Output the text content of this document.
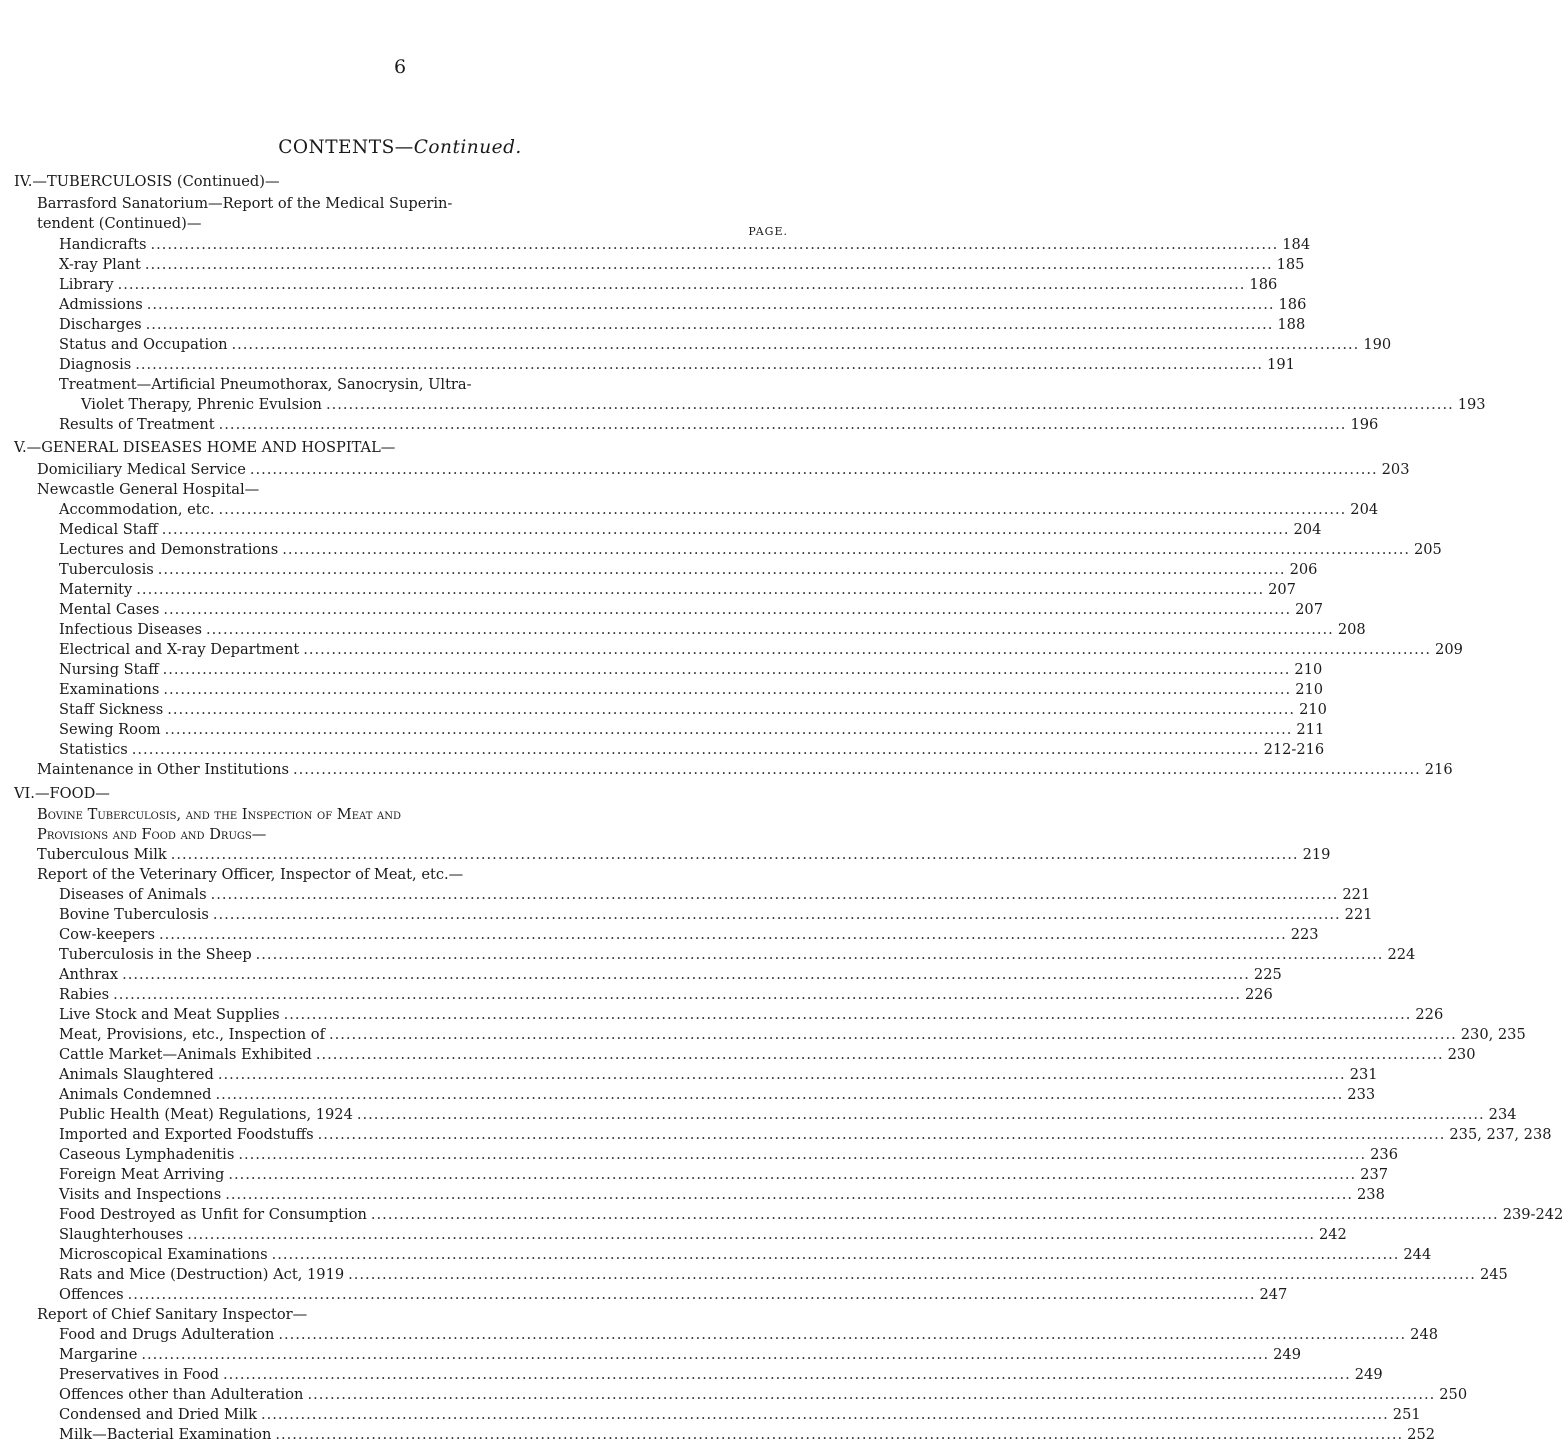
6
CONTENTS—Continued.
PAGE.
IV.—TUBERCULOSIS (Continued)—
Barrasford Sanatorium—Report of the Medical Superin-
tendent (Continued)—
Handicrafts ........................................................................................................................................................................................................ 184
X-ray Plant ........................................................................................................................................................................................................ 185
Library ........................................................................................................................................................................................................ 186
Admissions ........................................................................................................................................................................................................ 186
Discharges ........................................................................................................................................................................................................ 188
Status and Occupation ........................................................................................................................................................................................................ 190
Diagnosis ........................................................................................................................................................................................................ 191
Treatment—Artificial Pneumothorax, Sanocrysin, Ultra-
Violet Therapy, Phrenic Evulsion ........................................................................................................................................................................................................ 193
Results of Treatment ........................................................................................................................................................................................................ 196
V.—GENERAL DISEASES HOME AND HOSPITAL—
Domiciliary Medical Service ........................................................................................................................................................................................................ 203
Newcastle General Hospital—
Accommodation, etc. ........................................................................................................................................................................................................ 204
Medical Staff ........................................................................................................................................................................................................ 204
Lectures and Demonstrations ........................................................................................................................................................................................................ 205
Tuberculosis ........................................................................................................................................................................................................ 206
Maternity ........................................................................................................................................................................................................ 207
Mental Cases ........................................................................................................................................................................................................ 207
Infectious Diseases ........................................................................................................................................................................................................ 208
Electrical and X-ray Department ........................................................................................................................................................................................................ 209
Nursing Staff ........................................................................................................................................................................................................ 210
Examinations ........................................................................................................................................................................................................ 210
Staff Sickness ........................................................................................................................................................................................................ 210
Sewing Room ........................................................................................................................................................................................................ 211
Statistics ........................................................................................................................................................................................................ 212-216
Maintenance in Other Institutions ........................................................................................................................................................................................................ 216
VI.—FOOD—
Bovine Tuberculosis, and the Inspection of Meat and
Provisions and Food and Drugs—
Tuberculous Milk ........................................................................................................................................................................................................ 219
Report of the Veterinary Officer, Inspector of Meat, etc.—
Diseases of Animals ........................................................................................................................................................................................................ 221
Bovine Tuberculosis ........................................................................................................................................................................................................ 221
Cow-keepers ........................................................................................................................................................................................................ 223
Tuberculosis in the Sheep ........................................................................................................................................................................................................ 224
Anthrax ........................................................................................................................................................................................................ 225
Rabies ........................................................................................................................................................................................................ 226
Live Stock and Meat Supplies ........................................................................................................................................................................................................ 226
Meat, Provisions, etc., Inspection of ........................................................................................................................................................................................................ 230, 235
Cattle Market—Animals Exhibited ........................................................................................................................................................................................................ 230
Animals Slaughtered ........................................................................................................................................................................................................ 231
Animals Condemned ........................................................................................................................................................................................................ 233
Public Health (Meat) Regulations, 1924 ........................................................................................................................................................................................................ 234
Imported and Exported Foodstuffs ........................................................................................................................................................................................................ 235, 237, 238
Caseous Lymphadenitis ........................................................................................................................................................................................................ 236
Foreign Meat Arriving ........................................................................................................................................................................................................ 237
Visits and Inspections ........................................................................................................................................................................................................ 238
Food Destroyed as Unfit for Consumption ........................................................................................................................................................................................................ 239-242
Slaughterhouses ........................................................................................................................................................................................................ 242
Microscopical Examinations ........................................................................................................................................................................................................ 244
Rats and Mice (Destruction) Act, 1919 ........................................................................................................................................................................................................ 245
Offences ........................................................................................................................................................................................................ 247
Report of Chief Sanitary Inspector—
Food and Drugs Adulteration ........................................................................................................................................................................................................ 248
Margarine ........................................................................................................................................................................................................ 249
Preservatives in Food ........................................................................................................................................................................................................ 249
Offences other than Adulteration ........................................................................................................................................................................................................ 250
Condensed and Dried Milk ........................................................................................................................................................................................................ 251
Milk—Bacterial Examination ........................................................................................................................................................................................................ 252
